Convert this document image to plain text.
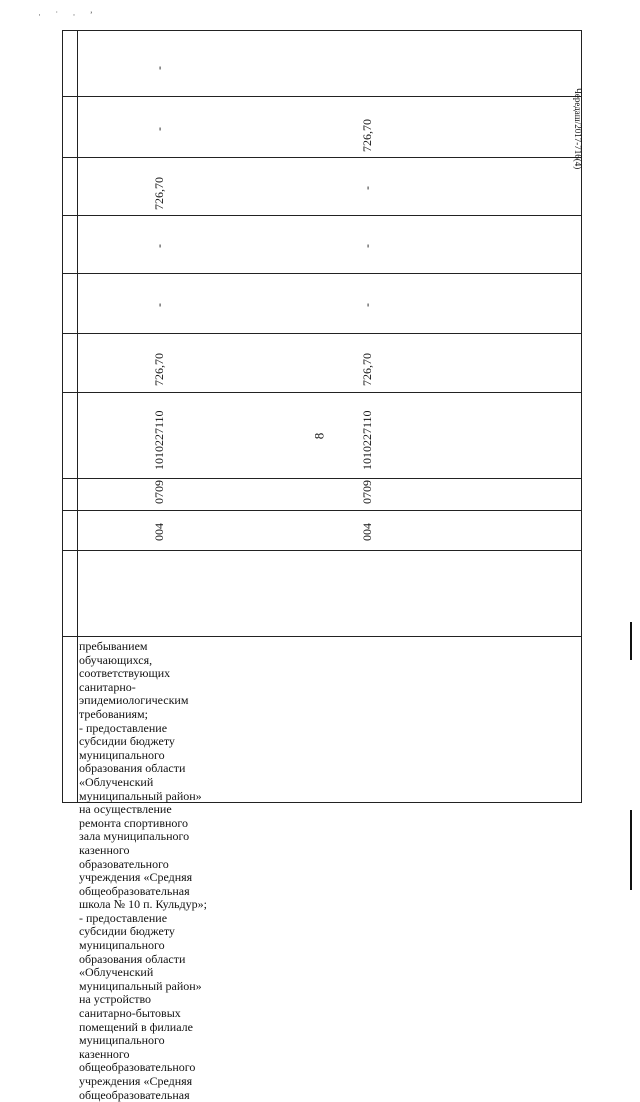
· ˙ · ’
пребыванием
обучающихся,
соответствующих
санитарно-
эпидемиологическим
требованиям;
- предоставление
субсидии бюджету
муниципального
образования области
«Облученский
муниципальный район»
на осуществление
ремонта спортивного
зала муниципального
казенного
образовательного
учреждения «Средняя
общеобразовательная
школа № 10 п. Кульдур»;
- предоставление
субсидии бюджету
муниципального
образования области
«Облученский
муниципальный район»
на устройство
санитарно-бытовых
помещений в филиале
муниципального
казенного
общеобразовательного
учреждения «Средняя
общеобразовательная
004
0709
1010227110
726,70
-
-
726,70
-
-
004
0709
1010227110
726,70
-
-
-
726,70
8
Чередаш/2017-716(4)
